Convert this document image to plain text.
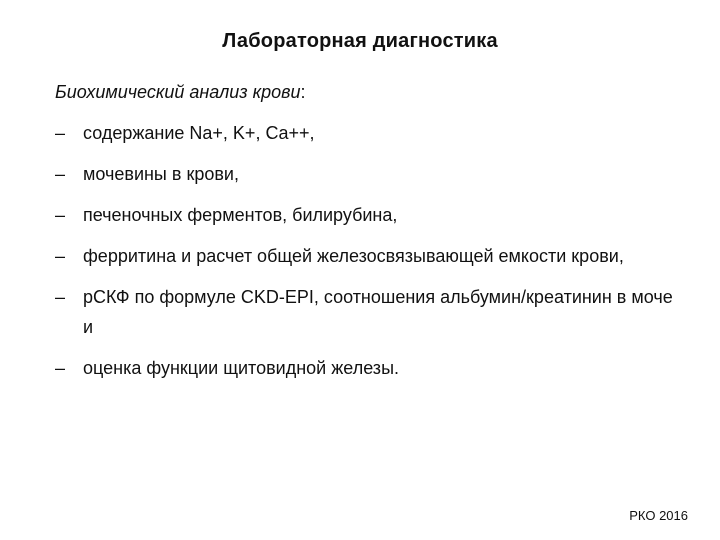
Лабораторная диагностика
Биохимический анализ крови:
– содержание Na+, K+, Ca++,
– мочевины в крови,
– печеночных ферментов, билирубина,
– ферритина и расчет общей железосвязывающей емкости крови,
– рСКФ по формуле CKD-EPI, соотношения альбумин/креатинин в моче и
– оценка функции щитовидной железы.
РКО 2016
